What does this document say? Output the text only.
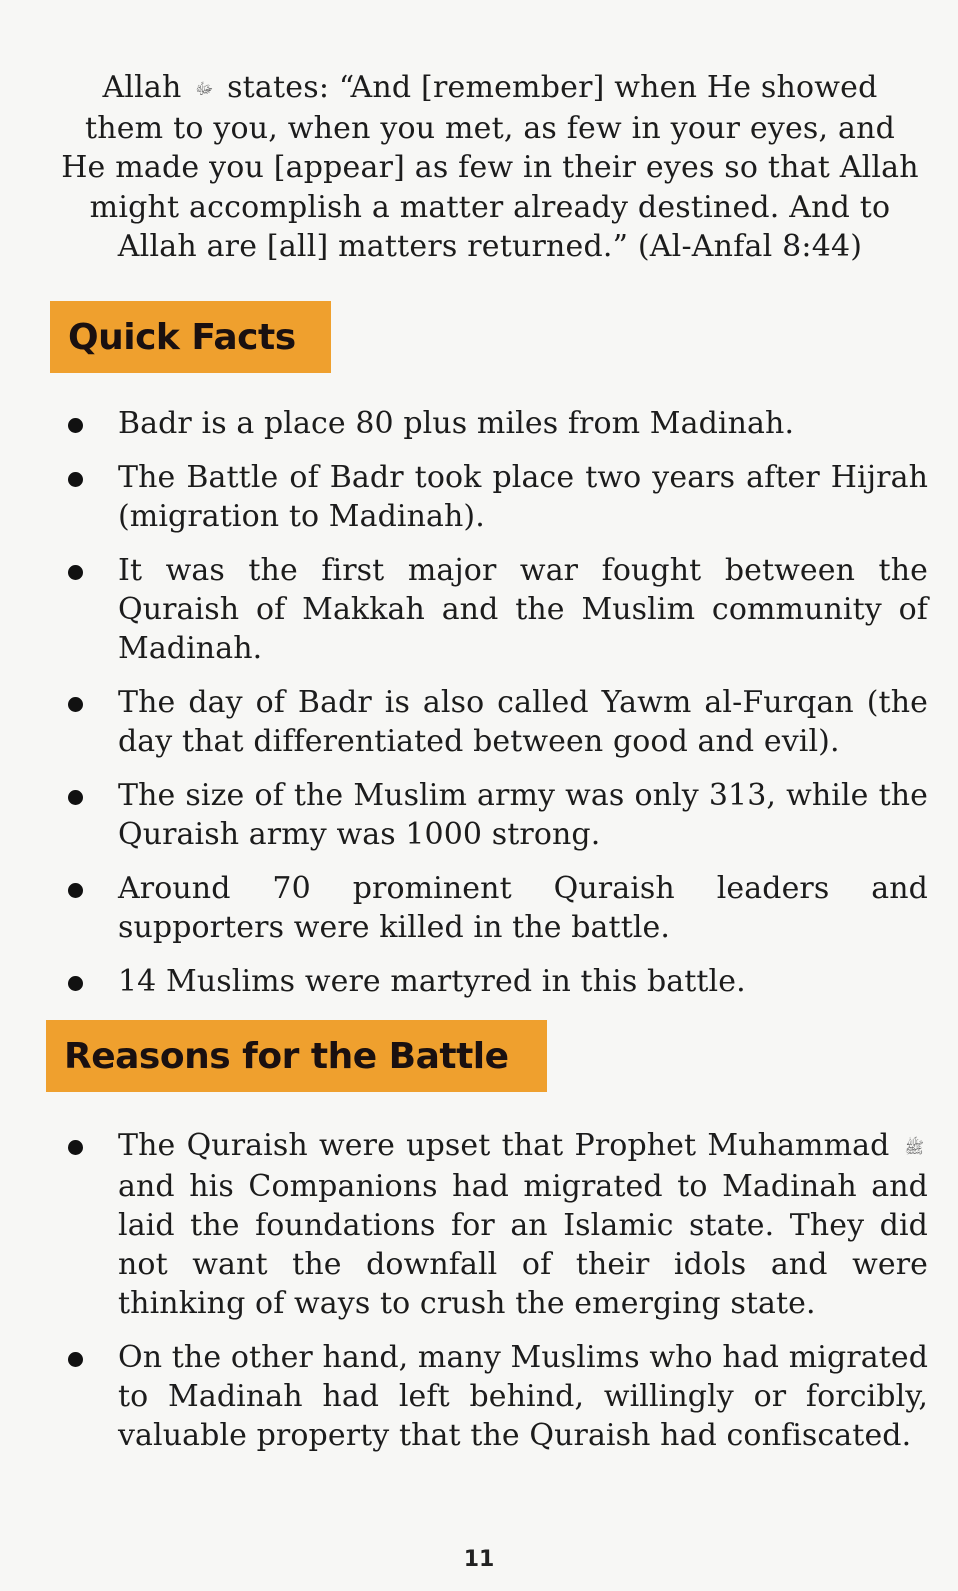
Allah ﷻ states: “And [remember] when He showed them to you, when you met, as few in your eyes, and He made you [appear] as few in their eyes so that Allah might accomplish a matter already destined. And to Allah are [all] matters returned.” (Al-Anfal 8:44)
Quick Facts
Badr is a place 80 plus miles from Madinah.
The Battle of Badr took place two years after Hijrah (migration to Madinah).
It was the first major war fought between the Quraish of Makkah and the Muslim community of Madinah.
The day of Badr is also called Yawm al-Furqan (the day that differentiated between good and evil).
The size of the Muslim army was only 313, while the Quraish army was 1000 strong.
Around 70 prominent Quraish leaders and supporters were killed in the battle.
14 Muslims were martyred in this battle.
Reasons for the Battle
The Quraish were upset that Prophet Muhammad ﷺ and his Companions had migrated to Madinah and laid the foundations for an Islamic state. They did not want the downfall of their idols and were thinking of ways to crush the emerging state.
On the other hand, many Muslims who had migrated to Madinah had left behind, willingly or forcibly, valuable property that the Quraish had confiscated.
11
